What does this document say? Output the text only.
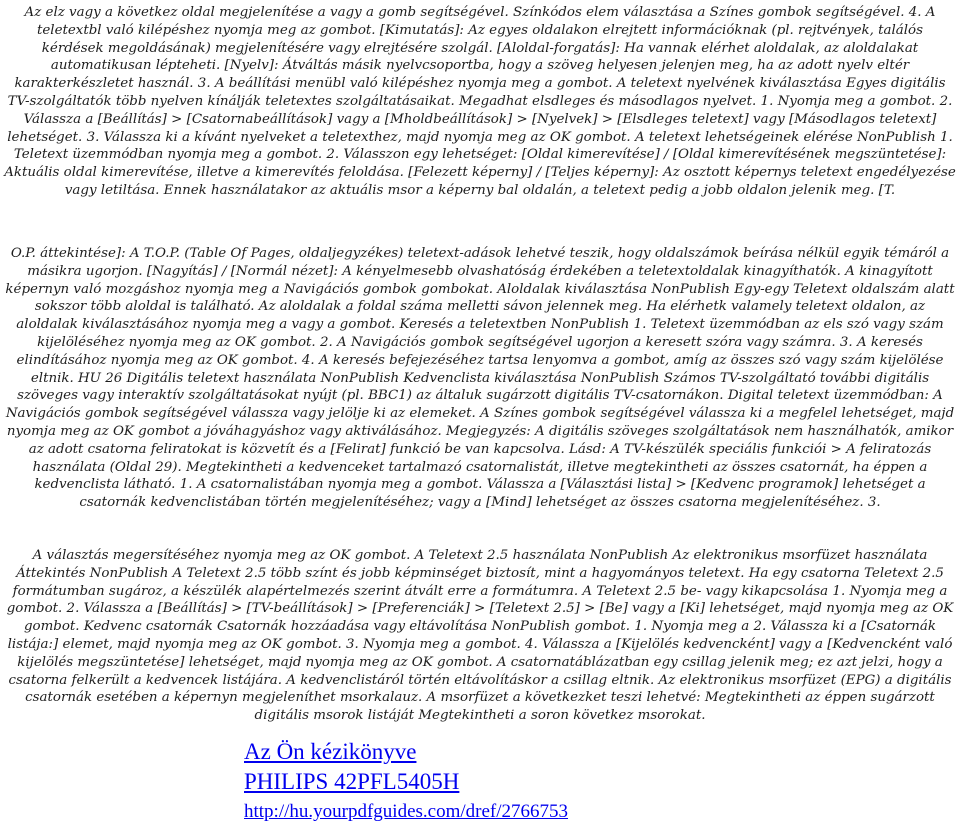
Az elz vagy a következ oldal megjelenítése a vagy a gomb segítségével. Színkódos elem választása a Színes gombok segítségével. 4. A teletextbl való kilépéshez nyomja meg az gombot. [Kimutatás]: Az egyes oldalakon elrejtett információknak (pl. rejtvények, találós kérdések megoldásának) megjelenítésére vagy elrejtésére szolgál. [Aloldal-forgatás]: Ha vannak elérhet aloldalak, az aloldalakat automatikusan lépteheti. [Nyelv]: Átváltás másik nyelvcsoportba, hogy a szöveg helyesen jelenjen meg, ha az adott nyelv eltér karakterkészletet használ. 3. A beállítási menübl való kilépéshez nyomja meg a gombot. A teletext nyelvének kiválasztása Egyes digitális TV-szolgáltatók több nyelven kínálják teletextes szolgáltatásaikat. Megadhat elsdleges és másodlagos nyelvet. 1. Nyomja meg a gombot. 2. Válassza a [Beállítás] > [Csatornabeállítások] vagy a [Mholdbeállítások] > [Nyelvek] > [Elsdleges teletext] vagy [Másodlagos teletext] lehetséget. 3. Válassza ki a kívánt nyelveket a teletexthez, majd nyomja meg az OK gombot. A teletext lehetségeinek elérése NonPublish 1. Teletext üzemmódban nyomja meg a gombot. 2. Válasszon egy lehetséget: [Oldal kimerevítése] / [Oldal kimerevítésének megszüntetése]: Aktuális oldal kimerevítése, illetve a kimerevítés feloldása. [Felezett képerny] / [Teljes képerny]: Az osztott képernys teletext engedélyezése vagy letiltása. Ennek használatakor az aktuális msor a képerny bal oldalán, a teletext pedig a jobb oldalon jelenik meg. [T.

O.P. áttekintése]: A T.O.P. (Table Of Pages, oldaljegyzékes) teletext-adások lehetvé teszik, hogy oldalszámok beírása nélkül egyik témáról a másikra ugorjon. [Nagyítás] / [Normál nézet]: A kényelmesebb olvashatóság érdekében a teletextoldalak kinagyíthatók. A kinagyított képernyn való mozgáshoz nyomja meg a Navigációs gombok gombokat. Aloldalak kiválasztása NonPublish Egy-egy Teletext oldalszám alatt sokszor több aloldal is található. Az aloldalak a foldal száma melletti sávon jelennek meg. Ha elérhetk valamely teletext oldalon, az aloldalak kiválasztásához nyomja meg a vagy a gombot. Keresés a teletextben NonPublish 1. Teletext üzemmódban az els szó vagy szám kijelöléséhez nyomja meg az OK gombot. 2. A Navigációs gombok segítségével ugorjon a keresett szóra vagy számra. 3. A keresés elindításához nyomja meg az OK gombot. 4. A keresés befejezéséhez tartsa lenyomva a gombot, amíg az összes szó vagy szám kijelölése eltnik. HU 26 Digitális teletext használata NonPublish Kedvenclista kiválasztása NonPublish Számos TV-szolgáltató további digitális szöveges vagy interaktív szolgáltatásokat nyújt (pl. BBC1) az általuk sugárzott digitális TV-csatornákon. Digital teletext üzemmódban: A Navigációs gombok segítségével válassza vagy jelölje ki az elemeket. A Színes gombok segítségével válassza ki a megfelel lehetséget, majd nyomja meg az OK gombot a jóváhagyáshoz vagy aktiválásához. Megjegyzés: A digitális szöveges szolgáltatások nem használhatók, amikor az adott csatorna feliratokat is közvetít és a [Felirat] funkció be van kapcsolva. Lásd: A TV-készülék speciális funkciói > A feliratozás használata (Oldal 29). Megtekintheti a kedvenceket tartalmazó csatornalistát, illetve megtekintheti az összes csatornát, ha éppen a kedvenclista látható. 1. A csatornalistában nyomja meg a gombot. Válassza a [Választási lista] > [Kedvenc programok] lehetséget a csatornák kedvenclistában történ megjelenítéséhez; vagy a [Mind] lehetséget az összes csatorna megjelenítéséhez. 3.

A választás megersítéséhez nyomja meg az OK gombot. A Teletext 2.5 használata NonPublish Az elektronikus msorfüzet használata Áttekintés NonPublish A Teletext 2.5 több színt és jobb képminséget biztosít, mint a hagyományos teletext. Ha egy csatorna Teletext 2.5 formátumban sugároz, a készülék alapértelmezés szerint átvált erre a formátumra. A Teletext 2.5 be- vagy kikapcsolása 1. Nyomja meg a gombot. 2. Válassza a [Beállítás] > [TV-beállítások] > [Preferenciák] > [Teletext 2.5] > [Be] vagy a [Ki] lehetséget, majd nyomja meg az OK gombot. Kedvenc csatornák Csatornák hozzáadása vagy eltávolítása NonPublish gombot. 1. Nyomja meg a 2. Válassza ki a [Csatornák listája:] elemet, majd nyomja meg az OK gombot. 3. Nyomja meg a gombot. 4. Válassza a [Kijelölés kedvencként] vagy a [Kedvencként való kijelölés megszüntetése] lehetséget, majd nyomja meg az OK gombot. A csatornatáblázatban egy csillag jelenik meg; ez azt jelzi, hogy a csatorna felkerült a kedvencek listájára. A kedvenclistáról történ eltávolításkor a csillag eltnik. Az elektronikus msorfüzet (EPG) a digitális csatornák esetében a képernyn megjeleníthet msorkalauz. A msorfüzet a következket teszi lehetvé: Megtekintheti az éppen sugárzott digitális msorok listáját Megtekintheti a soron következ msorokat.

Az Ön kézikönyve
PHILIPS 42PFL5405H
http://hu.yourpdfguides.com/dref/2766753
